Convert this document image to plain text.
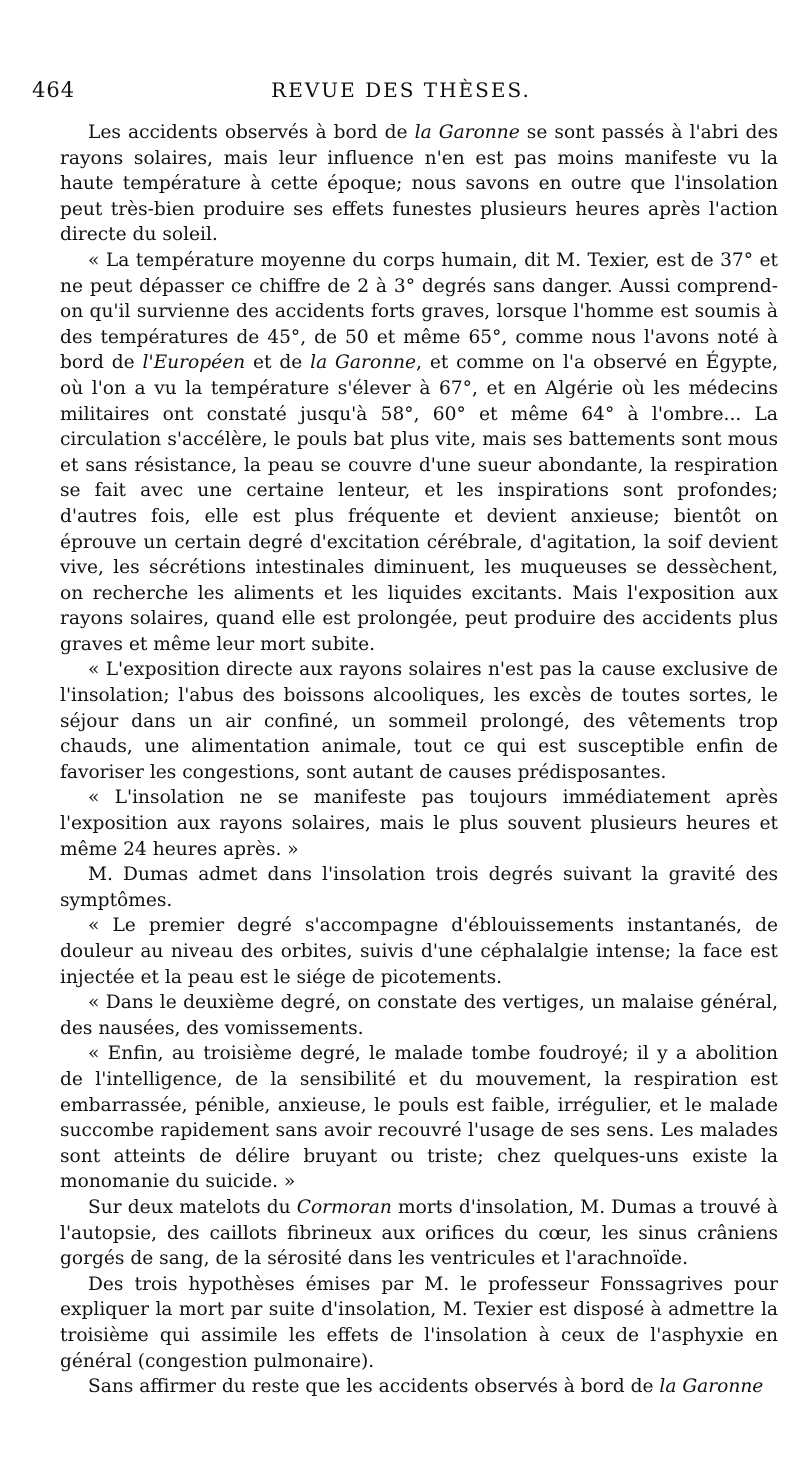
464	REVUE DES THÈSES.

Les accidents observés à bord de la Garonne se sont passés à l'abri des rayons solaires, mais leur influence n'en est pas moins manifeste vu la haute température à cette époque; nous savons en outre que l'insolation peut très-bien produire ses effets funestes plusieurs heures après l'action directe du soleil.

« La température moyenne du corps humain, dit M. Texier, est de 37° et ne peut dépasser ce chiffre de 2 à 3° degrés sans danger. Aussi comprend-on qu'il survienne des accidents forts graves, lorsque l'homme est soumis à des températures de 45°, de 50 et même 65°, comme nous l'avons noté à bord de l'Européen et de la Garonne, et comme on l'a observé en Égypte, où l'on a vu la température s'élever à 67°, et en Algérie où les médecins militaires ont constaté jusqu'à 58°, 60° et même 64° à l'ombre... La circulation s'accélère, le pouls bat plus vite, mais ses battements sont mous et sans résistance, la peau se couvre d'une sueur abondante, la respiration se fait avec une certaine lenteur, et les inspirations sont profondes; d'autres fois, elle est plus fréquente et devient anxieuse; bientôt on éprouve un certain degré d'excitation cérébrale, d'agitation, la soif devient vive, les sécrétions intestinales diminuent, les muqueuses se dessèchent, on recherche les aliments et les liquides excitants. Mais l'exposition aux rayons solaires, quand elle est prolongée, peut produire des accidents plus graves et même leur mort subite.

« L'exposition directe aux rayons solaires n'est pas la cause exclusive de l'insolation; l'abus des boissons alcooliques, les excès de toutes sortes, le séjour dans un air confiné, un sommeil prolongé, des vêtements trop chauds, une alimentation animale, tout ce qui est susceptible enfin de favoriser les congestions, sont autant de causes prédisposantes.

« L'insolation ne se manifeste pas toujours immédiatement après l'exposition aux rayons solaires, mais le plus souvent plusieurs heures et même 24 heures après. »

M. Dumas admet dans l'insolation trois degrés suivant la gravité des symptômes.

« Le premier degré s'accompagne d'éblouissements instantanés, de douleur au niveau des orbites, suivis d'une céphalalgie intense; la face est injectée et la peau est le siége de picotements.

« Dans le deuxième degré, on constate des vertiges, un malaise général, des nausées, des vomissements.

« Enfin, au troisième degré, le malade tombe foudroyé; il y a abolition de l'intelligence, de la sensibilité et du mouvement, la respiration est embarrassée, pénible, anxieuse, le pouls est faible, irrégulier, et le malade succombe rapidement sans avoir recouvré l'usage de ses sens. Les malades sont atteints de délire bruyant ou triste; chez quelques-uns existe la monomanie du suicide. »

Sur deux matelots du Cormoran morts d'insolation, M. Dumas a trouvé à l'autopsie, des caillots fibrineux aux orifices du cœur, les sinus crâniens gorgés de sang, de la sérosité dans les ventricules et l'arachnoïde.

Des trois hypothèses émises par M. le professeur Fonssagrives pour expliquer la mort par suite d'insolation, M. Texier est disposé à admettre la troisième qui assimile les effets de l'insolation à ceux de l'asphyxie en général (congestion pulmonaire).

Sans affirmer du reste que les accidents observés à bord de la Garonne
